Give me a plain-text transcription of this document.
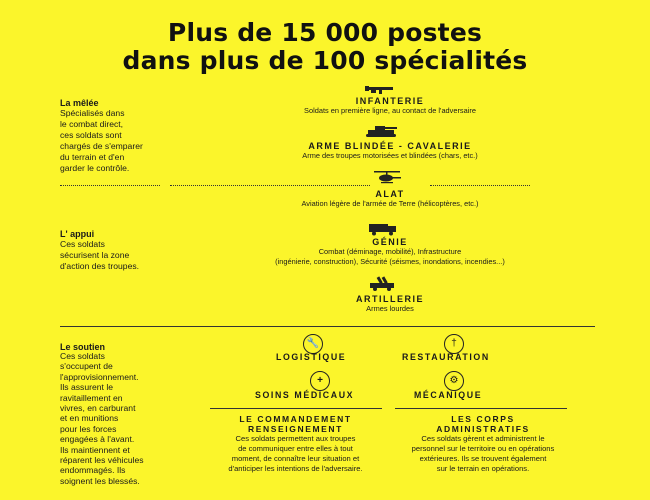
Plus de 15 000 postes
dans plus de 100 spécialités
La mêlée
Spécialisés dans
le combat direct,
ces soldats sont
chargés de s'emparer
du terrain et d'en
garder le contrôle.
INFANTERIE
Soldats en première ligne, au contact de l'adversaire
ARME BLINDÉE - CAVALERIE
Arme des troupes motorisées et blindées (chars, etc.)
ALAT
Aviation légère de l'armée de Terre (hélicoptères, etc.)
L' appui
Ces soldats
sécurisent la zone
d'action des troupes.
GÉNIE
Combat (déminage, mobilité), Infrastructure
(ingénierie, construction), Sécurité (séismes, inondations, incendies...)
ARTILLERIE
Armes lourdes
Le soutien
Ces soldats
s'occupent de
l'approvisionnement.
Ils assurent le
ravitaillement en
vivres, en carburant
et en munitions
pour les forces
engagées à l'avant.
Ils maintiennent et
réparent les véhicules
endommagés. Ils
soignent les blessés.
🔧
LOGISTIQUE
†
RESTAURATION
+
SOINS MÉDICAUX
⚙
MÉCANIQUE
LE COMMANDEMENT
RENSEIGNEMENT
Ces soldats permettent aux troupes
de communiquer entre elles à tout
moment, de connaître leur situation et
d'anticiper les intentions de l'adversaire.
LES CORPS
ADMINISTRATIFS
Ces soldats gèrent et administrent le
personnel sur le territoire ou en opérations
extérieures. Ils se trouvent également
sur le terrain en opérations.
